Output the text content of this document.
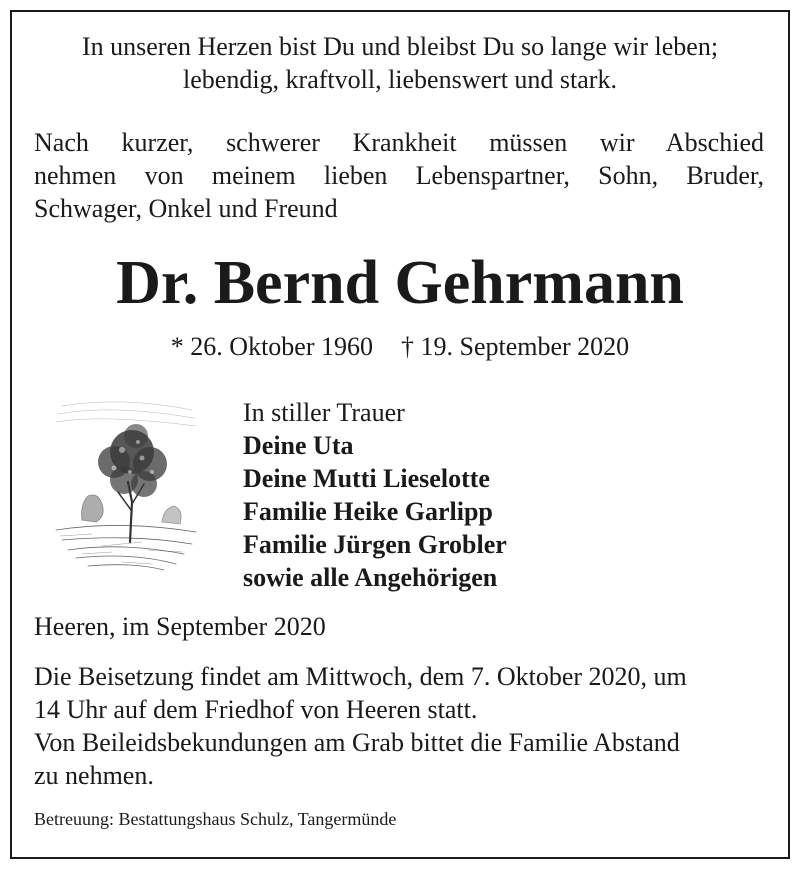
In unseren Herzen bist Du und bleibst Du so lange wir leben;
lebendig, kraftvoll, liebenswert und stark.
Nach kurzer, schwerer Krankheit müssen wir Abschied
nehmen von meinem lieben Lebenspartner, Sohn, Bruder,
Schwager, Onkel und Freund
Dr. Bernd Gehrmann
* 26. Oktober 1960 † 19. September 2020
In stiller Trauer
Deine Uta
Deine Mutti Lieselotte
Familie Heike Garlipp
Familie Jürgen Grobler
sowie alle Angehörigen
Heeren, im September 2020
Die Beisetzung findet am Mittwoch, dem 7. Oktober 2020, um
14 Uhr auf dem Friedhof von Heeren statt.
Von Beileidsbekundungen am Grab bittet die Familie Abstand
zu nehmen.
Betreuung: Bestattungshaus Schulz, Tangermünde
